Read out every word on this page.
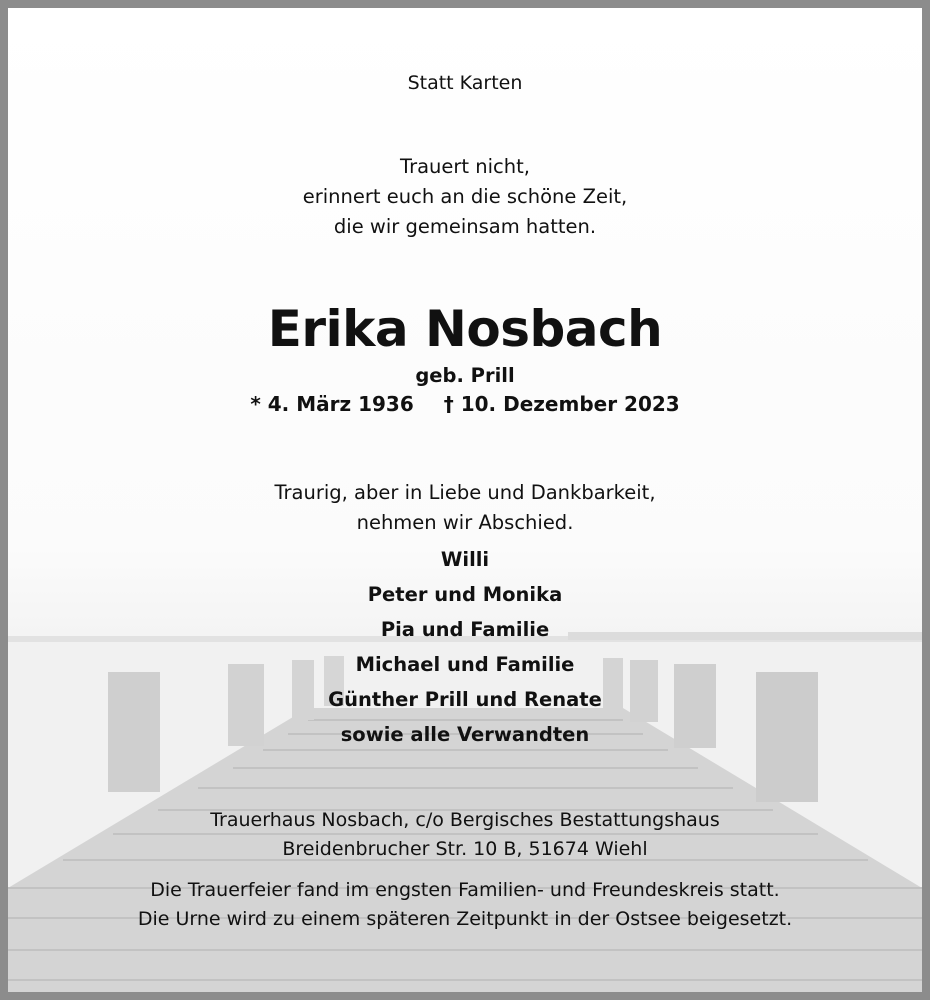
Statt Karten
Trauert nicht,
erinnert euch an die schöne Zeit,
die wir gemeinsam hatten.
Erika Nosbach
geb. Prill
* 4. März 1936 † 10. Dezember 2023
Traurig, aber in Liebe und Dankbarkeit,
nehmen wir Abschied.
Willi
Peter und Monika
Pia und Familie
Michael und Familie
Günther Prill und Renate
sowie alle Verwandten
Trauerhaus Nosbach, c/o Bergisches Bestattungshaus
Breidenbrucher Str. 10 B, 51674 Wiehl
Die Trauerfeier fand im engsten Familien- und Freundeskreis statt.
Die Urne wird zu einem späteren Zeitpunkt in der Ostsee beigesetzt.
